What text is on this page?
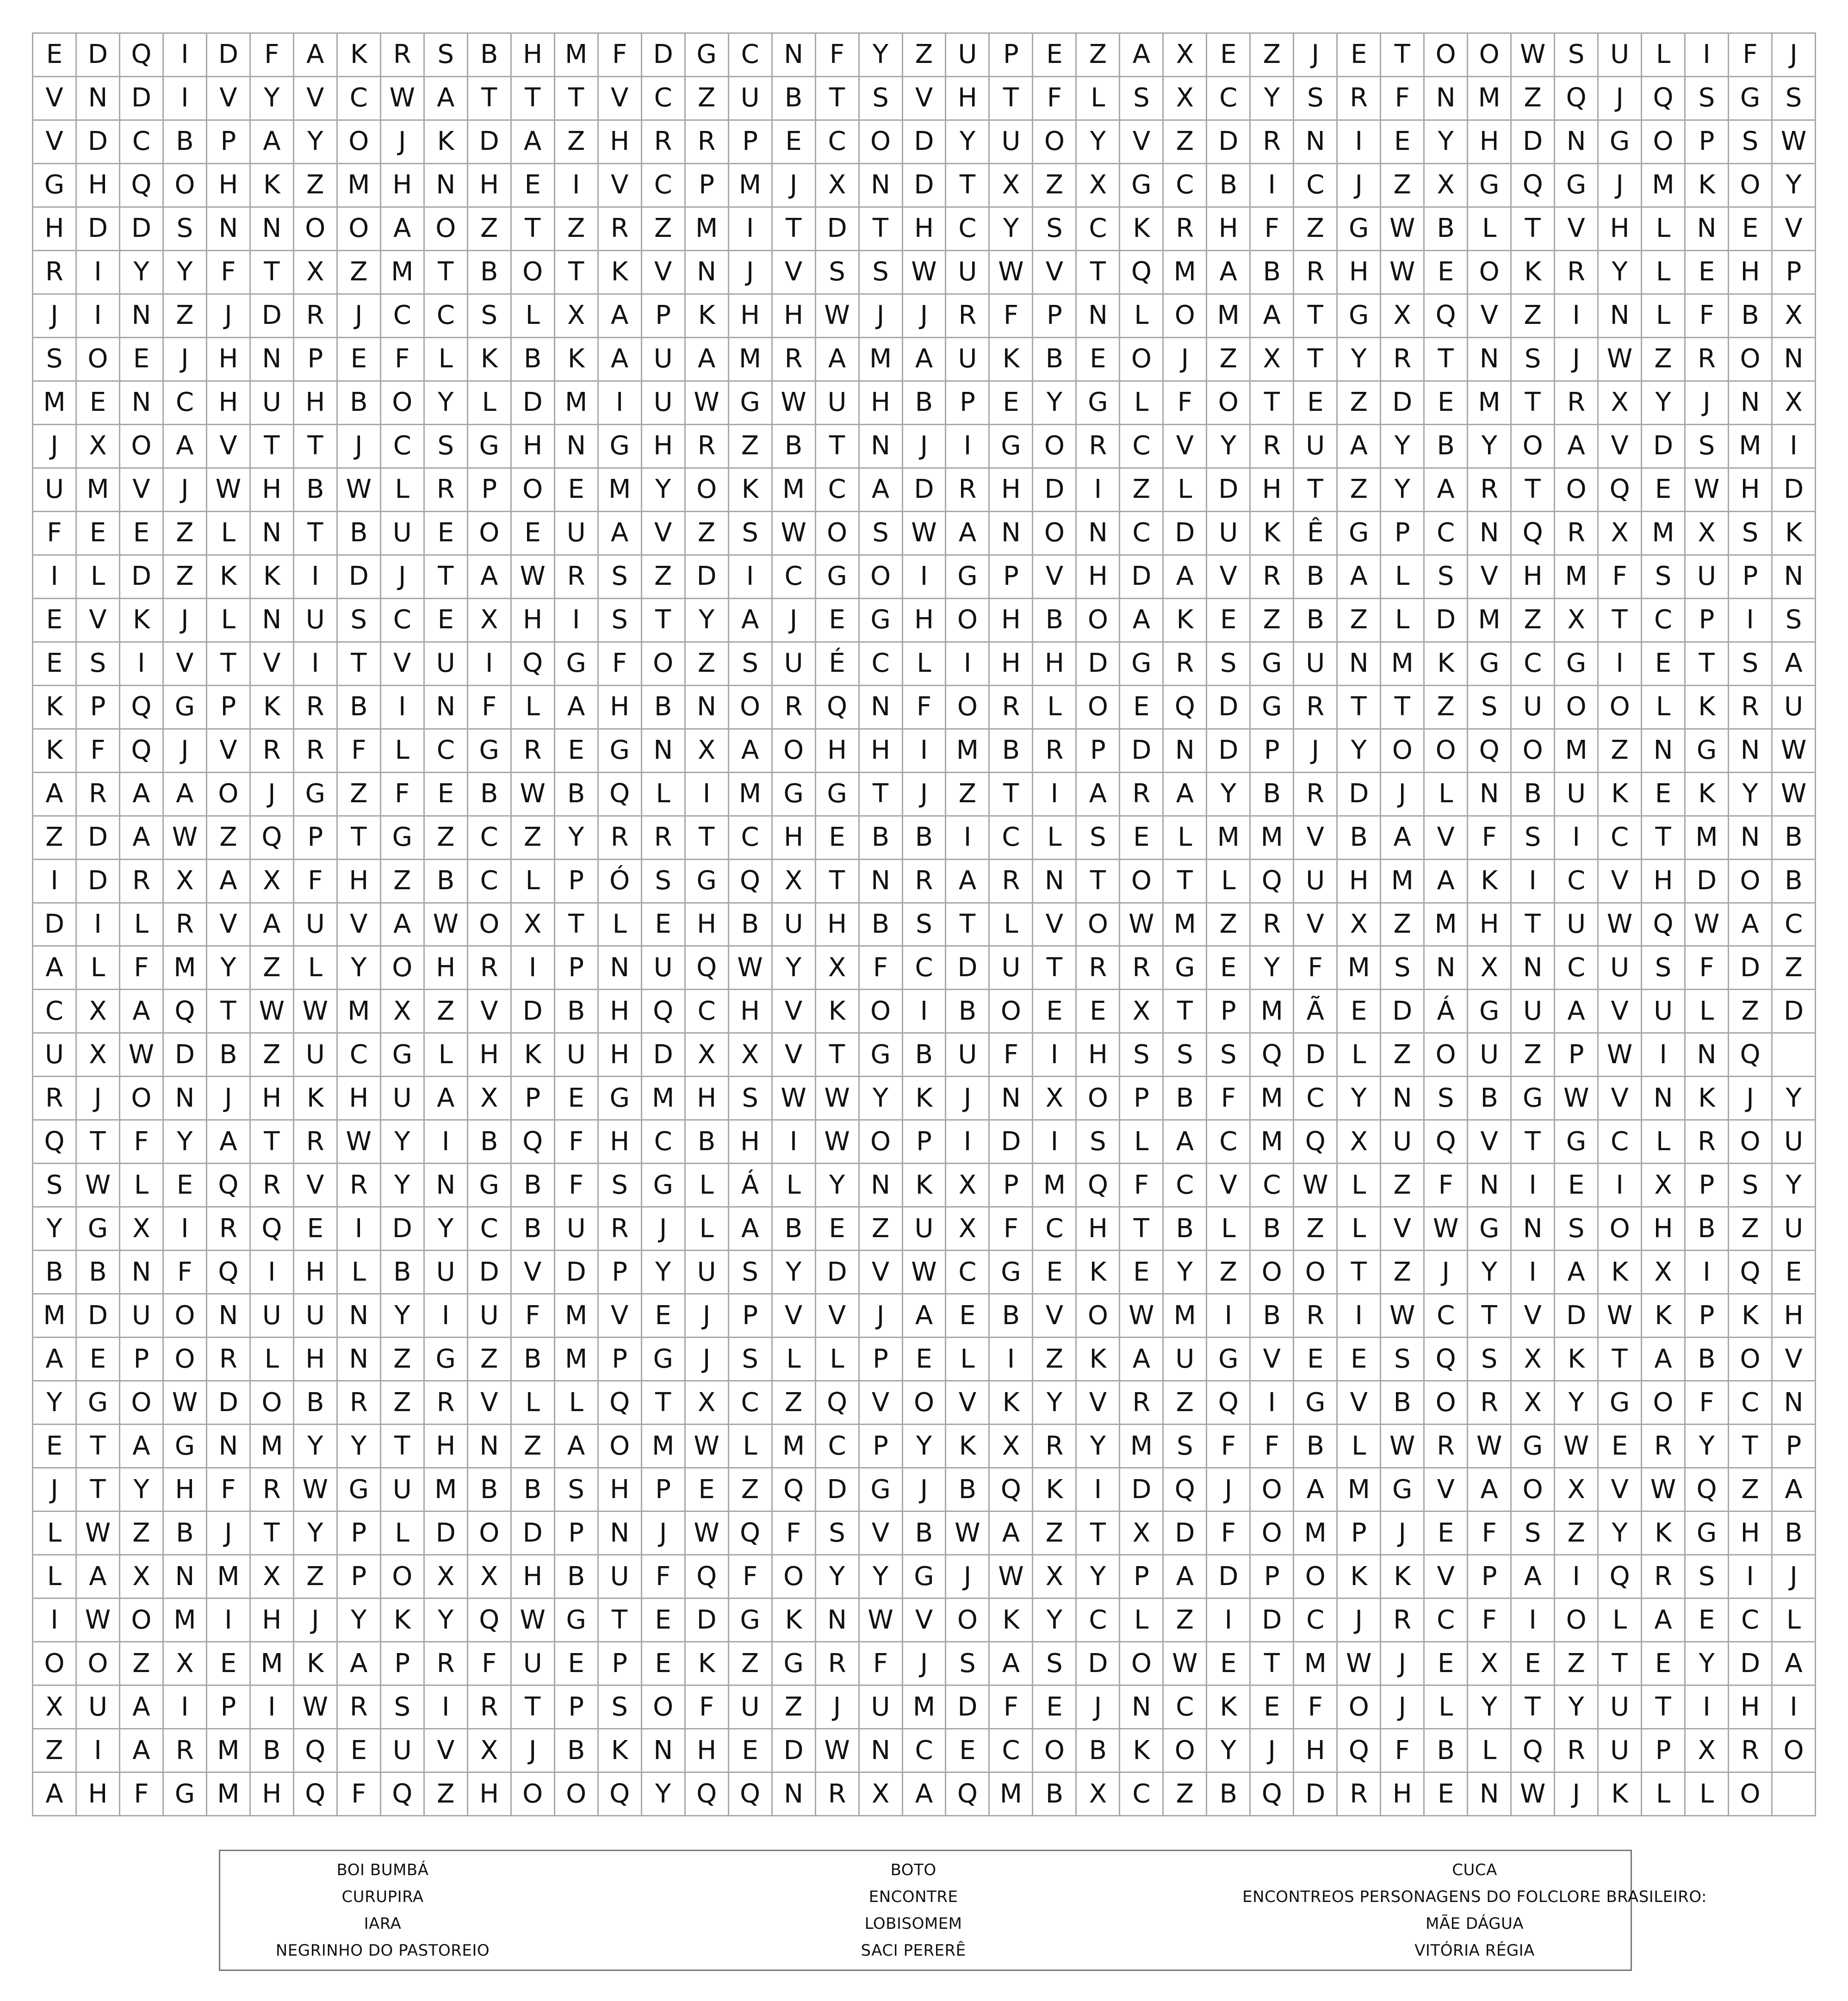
E D Q	I	D	F	A	K	R	S	B H M F	D G C N	F	Y	Z U	P	E	Z A X	E	Z	J	E	T O O W S U	L	I	F	J
V N D	I	V	Y	V C W A	T	T	T	V C Z U B	T	S	V H T	F	L	S	X C	Y	S	R	F	N M Z Q	J	Q S G S
V D C B	P	A	Y O	J	K D A Z H R R	P	E	C O D Y	U O Y	V Z D R N	I	E	Y H D N G O P	S W
G H Q O H K	Z M H N H E	I	V C	P M	J	X N D T	X Z X G C B	I	C	J	Z X G Q G	J	M K O Y
H D D S N N O O A O Z	T	Z R Z M	I	T D T H C	Y	S	C	K	R H	F	Z G W B	L	T	V H	L	N E	V
R	I	Y	Y	F	T	X Z M T	B O T	K	V N	J	V	S	S W U W V	T Q M A B R H W E O K	R	Y	L	E H	P
J	I	N Z	J	D R	J	C C	S	L	X A	P	K H H W	J	J	R	F	P	N	L	O M A	T G X Q V Z	I	N	L	F	B X
S O E	J	H N	P	E	F	L	K	B	K	A U A M R A M A U K	B	E O	J	Z X	T	Y	R	T N S	J	W Z R O N
M E N C H U H B O Y	L	D M	I	U W G W U H B	P	E	Y G	L	F O T	E	Z D E M T	R X	Y	J	N X
J	X O A V	T	T	J	C	S G H N G H R Z B	T N	J	I	G O R C V	Y	R U A	Y	B	Y O A V D S M	I
U M V	J	W H B W L	R	P O E M Y O K M C A D R H D	I	Z	L	D H T	Z	Y	A R	T O Q E W H D
F	E	E	Z	L	N T	B U E O E U A V Z	S W O S W A N O N C D U K	Ê G P	C N Q R X M X	S	K
I	L	D Z	K	K	I	D	J	T	A W R	S	Z D	I	C G O	I	G P	V H D A V R B A	L	S	V H M F	S U	P	N
E	V	K	J	L	N U S	C	E	X H	I	S	T	Y	A	J	E G H O H B O A	K	E	Z B Z	L	D M Z X	T	C	P	I	S
E	S	I	V	T	V	I	T	V U	I	Q G	F O Z	S U É	C	L	I	H H D G R	S G U N M K G C G	I	E	T	S	A
K	P Q G P	K	R B	I	N	F	L	A H B N O R Q N	F O R	L	O E Q D G R	T	T	Z	S U O O	L	K	R U
K	F Q	J	V R R	F	L	C G R	E G N X A O H H	I	M B R	P D N D P	J	Y O O Q O M Z N G N W
A R A A O	J	G Z	F	E	B W B Q	L	I	M G G T	J	Z	T	I	A R A	Y	B R D	J	L	N B U K	E	K	Y W
Z D A W Z Q P	T G Z C Z	Y	R R	T	C H E	B B	I	C	L	S	E	L M M V B A V	F	S	I	C	T M N B
I	D R X A X	F	H Z B C	L	P Ó S G Q X	T N R A R N T O T	L	Q U H M A	K	I	C V H D O B
D	I	L	R V A U V A W O X	T	L	E H B U H B	S	T	L	V O W M Z R V X Z M H T	U W Q W A C
A	L	F M Y	Z	L	Y O H R	I	P	N U Q W Y	X	F	C D U	T	R R G E	Y	F M S N X N C U S	F	D Z
C X A Q T W W M X Z V D B H Q C H V	K O	I	B O E	E	X	T	P M Ã	E D Á G U A V U	L	Z D
U X W D B Z U C G	L	H K U H D X X V	T G B U	F	I	H S	S	S Q D	L	Z O U Z	P W	I	N Q
R	J	O N	J	H K H U A X	P	E G M H S W W Y	K	J	N X O P	B	F M C	Y N S	B G W V N K	J	Y
Q T	F	Y	A	T	R W Y	I	B Q F	H C B H	I	W O P	I	D	I	S	L	A C M Q X U Q V	T G C	L	R O U
S W L	E Q R V R	Y N G B	F	S G	L	Á	L	Y N K	X	P M Q F	C V C W L	Z	F	N	I	E	I	X	P	S	Y
Y G X	I	R Q E	I	D Y	C B U R	J	L	A B	E	Z U X	F	C H T	B	L	B Z	L	V W G N S O H B Z U
B B N	F Q	I	H	L	B U D V D P	Y	U S	Y D V W C G E	K	E	Y	Z O O T	Z	J	Y	I	A	K	X	I	Q E
M D U O N U U N Y	I	U	F M V	E	J	P	V V	J	A	E	B V O W M	I	B R	I	W C	T	V D W K	P	K H
A	E	P O R	L	H N Z G Z B M P G	J	S	L	L	P	E	L	I	Z	K	A U G V	E	E	S Q S	X	K	T	A B O V
Y G O W D O B R Z R V	L	L	Q T	X C Z Q V O V	K	Y	V R Z Q	I	G V B O R X	Y G O F	C N
E	T	A G N M Y	Y	T H N Z A O M W L M C	P	Y	K	X R	Y M S	F	F	B	L W R W G W E	R	Y	T	P
J	T	Y H	F	R W G U M B B	S H	P	E	Z Q D G	J	B Q K	I	D Q	J	O A M G V A O X V W Q Z A
L W Z B	J	T	Y	P	L	D O D P	N	J	W Q F	S	V B W A Z	T	X D	F O M P	J	E	F	S	Z	Y	K G H B
L	A X N M X Z	P O X X H B U	F Q F O Y	Y G	J	W X	Y	P	A D P O K	K	V	P	A	I	Q R	S	I	J
I	W O M	I	H	J	Y	K	Y Q W G T	E D G K N W V O K	Y	C	L	Z	I	D C	J	R C	F	I	O	L	A	E	C	L
O O Z X	E M K	A	P	R	F	U E	P	E	K	Z G R	F	J	S	A	S D O W E	T M W	J	E	X	E	Z	T	E	Y D A
X U A	I	P	I	W R	S	I	R	T	P	S O F	U Z	J	U M D	F	E	J	N C	K	E	F O	J	L	Y	T	Y	U	T	I	H	I
Z	I	A R M B Q E U V X	J	B	K N H E D W N C	E	C O B	K O Y	J	H Q F	B	L	Q R U	P	X R O
A H	F	G M H Q F Q Z H O O Q Y Q Q N R X A Q M B X C Z B Q D R H E N W	J	K	L	L	O
BOI BUMBÁ	BOTO	CUCA
CURUPIRA	ENCONTRE	ENCONTREOS PERSONAGENS DO FOLCLORE BRASILEIRO:
IARA	LOBISOMEM	MÃE DÁGUA
NEGRINHO DO PASTOREIO	SACI PERERÊ	VITÓRIA RÉGIA
